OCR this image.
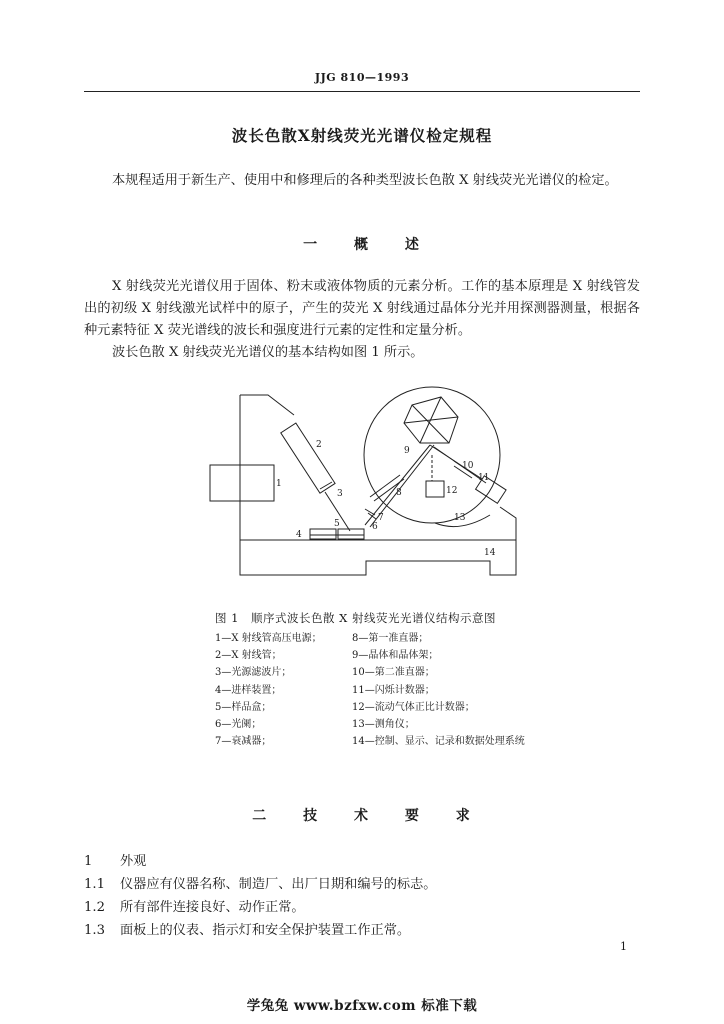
JJG 810—1993
波长色散X射线荧光光谱仪检定规程
本规程适用于新生产、使用中和修理后的各种类型波长色散 X 射线荧光光谱仪的检定。
一 概 述
X 射线荧光光谱仪用于固体、粉末或液体物质的元素分析。工作的基本原理是 X 射线管发出的初级 X 射线激光试样中的原子，产生的荧光 X 射线通过晶体分光并用探测器测量，根据各种元素特征 X 荧光谱线的波长和强度进行元素的定性和定量分析。
波长色散 X 射线荧光光谱仪的基本结构如图 1 所示。
1
2
3
4
5	6
7
8
9
10
11
12
13
14
图 1　顺序式波长色散 X 射线荧光光谱仪结构示意图
1—X 射线管高压电源；
2—X 射线管；
3—光源滤波片；
4—进样装置；
5—样品盒；
6—光阑；
7—衰减器；
8—第一准直器；
9—晶体和晶体架；
10—第二准直器；
11—闪烁计数器；
12—流动气体正比计数器；
13—测角仪；
14—控制、显示、记录和数据处理系统
二 技 术 要 求
1 外观
1.1 仪器应有仪器名称、制造厂、出厂日期和编号的标志。
1.2 所有部件连接良好、动作正常。
1.3 面板上的仪表、指示灯和安全保护装置工作正常。
1
学兔兔 www.bzfxw.com 标准下载
